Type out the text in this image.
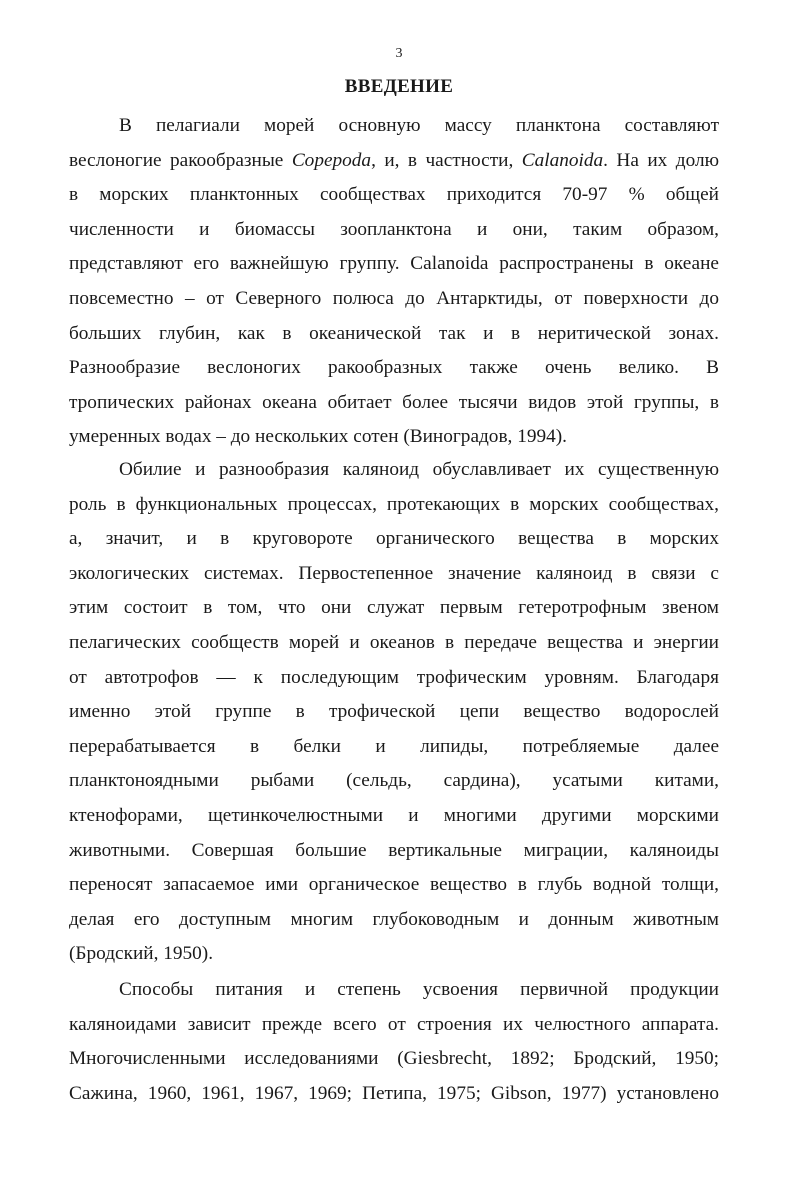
3
ВВЕДЕНИЕ
В пелагиали морей основную массу планктона составляют
веслоногие ракообразные Copepoda, и, в частности, Calanoida. На их долю
в морских планктонных сообществах приходится 70-97 % общей
численности и биомассы зоопланктона и они, таким образом,
представляют его важнейшую группу. Calanoida распространены в океане
повсеместно – от Северного полюса до Антарктиды, от поверхности до
больших глубин, как в океанической так и в неритической зонах.
Разнообразие веслоногих ракообразных также очень велико. В
тропических районах океана обитает более тысячи видов этой группы, в
умеренных водах – до нескольких сотен (Виноградов, 1994).
Обилие и разнообразия каляноид обуславливает их существенную
роль в функциональных процессах, протекающих в морских сообществах,
а, значит, и в круговороте органического вещества в морских
экологических системах. Первостепенное значение каляноид в связи с
этим состоит в том, что они служат первым гетеротрофным звеном
пелагических сообществ морей и океанов в передаче вещества и энергии
от автотрофов — к последующим трофическим уровням. Благодаря
именно этой группе в трофической цепи вещество водорослей
перерабатывается в белки и липиды, потребляемые далее
планктоноядными рыбами (сельдь, сардина), усатыми китами,
ктенофорами, щетинкочелюстными и многими другими морскими
животными. Совершая большие вертикальные миграции, каляноиды
переносят запасаемое ими органическое вещество в глубь водной толщи,
делая его доступным многим глубоководным и донным животным
(Бродский, 1950).
Способы питания и степень усвоения первичной продукции
каляноидами зависит прежде всего от строения их челюстного аппарата.
Многочисленными исследованиями (Giesbrecht, 1892; Бродский, 1950;
Сажина, 1960, 1961, 1967, 1969; Петипа, 1975; Gibson, 1977) установлено
